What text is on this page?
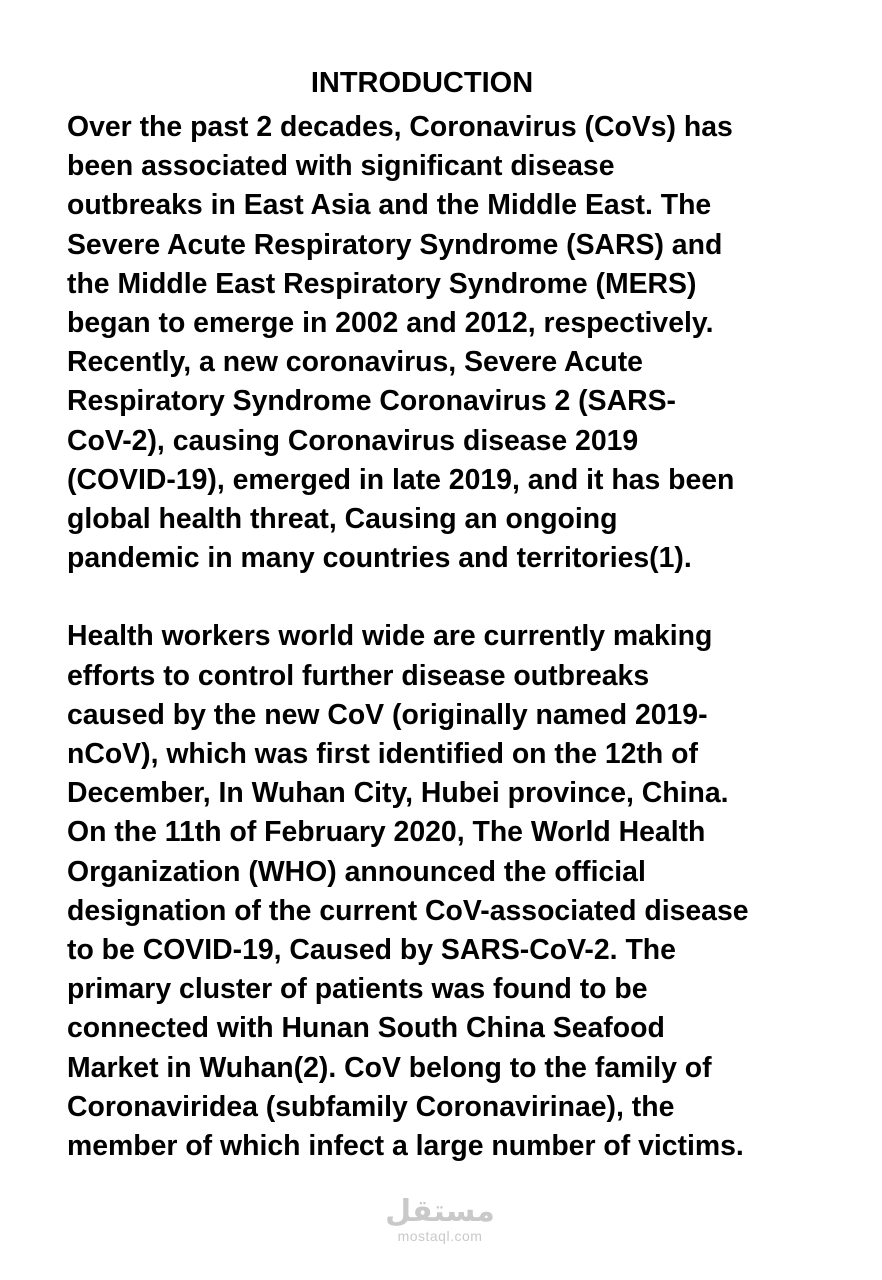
INTRODUCTION
Over the past 2 decades, Coronavirus (CoVs) has
been associated with significant disease
outbreaks in East Asia and the Middle East. The
Severe Acute Respiratory Syndrome (SARS) and
the Middle East Respiratory Syndrome (MERS)
began to emerge in 2002 and 2012, respectively.
Recently, a new coronavirus, Severe Acute
Respiratory Syndrome Coronavirus 2 (SARS-
CoV-2), causing Coronavirus disease 2019
(COVID-19), emerged in late 2019, and it has been
global health threat, Causing an ongoing
pandemic in many countries and territories(1).
Health workers world wide are currently making
efforts to control further disease outbreaks
caused by the new CoV (originally named 2019-
nCoV), which was first identified on the 12th of
December, In Wuhan City, Hubei province, China.
On the 11th of February 2020, The World Health
Organization (WHO) announced the official
designation of the current CoV-associated disease
to be COVID-19, Caused by SARS-CoV-2. The
primary cluster of patients was found to be
connected with Hunan South China Seafood
Market in Wuhan(2). CoV belong to the family of
Coronaviridea (subfamily Coronavirinae), the
member of which infect a large number of victims.
مستقل
mostaql.com
